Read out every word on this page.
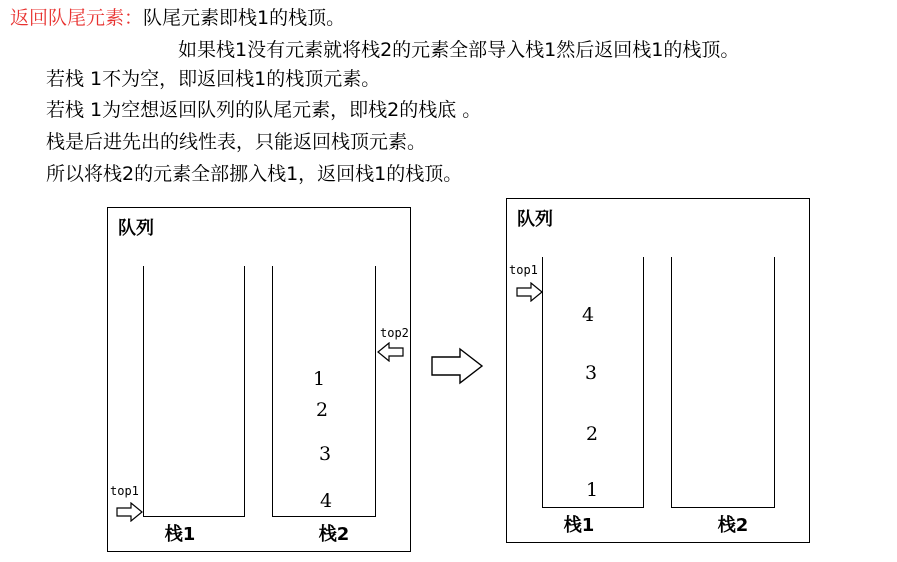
返回队尾元素：队尾元素即栈1的栈顶。
如果栈1没有元素就将栈2的元素全部导入栈1然后返回栈1的栈顶。
若栈 1不为空，即返回栈1的栈顶元素。
若栈 1为空想返回队列的队尾元素，即栈2的栈底 。
栈是后进先出的线性表，只能返回栈顶元素。
所以将栈2的元素全部挪入栈1，返回栈1的栈顶。
队列
栈1	栈2
1
2
3
4
top1
top2
队列
栈1	栈2
4
3
2
1
top1
